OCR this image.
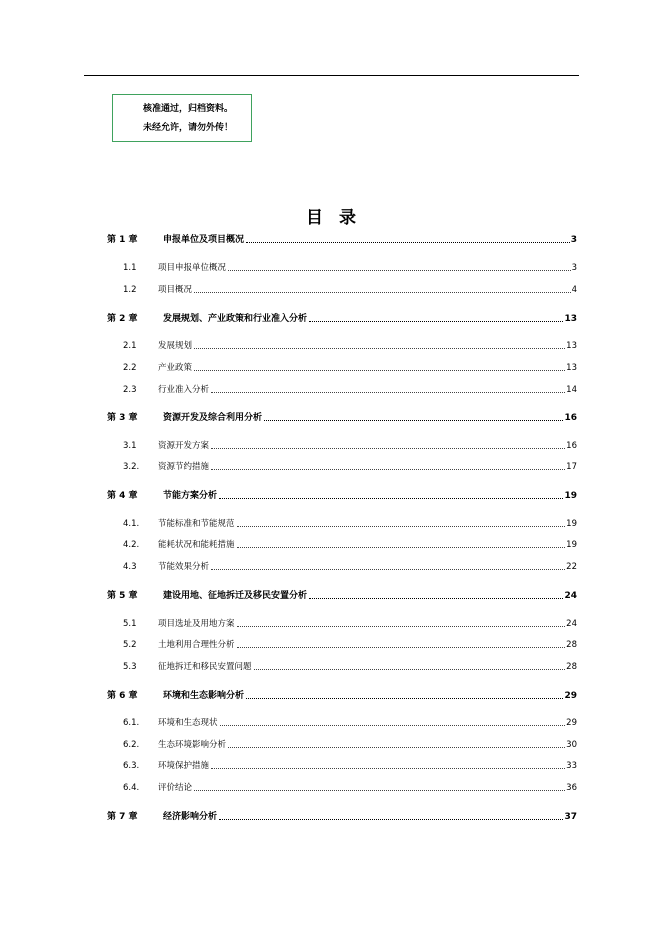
核准通过，归档资料。
未经允许，请勿外传！
目录
第 1 章	申报单位及项目概况	3
1.1	项目申报单位概况	3
1.2	项目概况	4
第 2 章	发展规划、产业政策和行业准入分析	13
2.1	发展规划	13
2.2	产业政策	13
2.3	行业准入分析	14
第 3 章	资源开发及综合利用分析	16
3.1	资源开发方案	16
3.2.	资源节约措施	17
第 4 章	节能方案分析	19
4.1.	节能标准和节能规范	19
4.2.	能耗状况和能耗措施	19
4.3	节能效果分析	22
第 5 章	建设用地、征地拆迁及移民安置分析	24
5.1	项目选址及用地方案	24
5.2	土地利用合理性分析	28
5.3	征地拆迁和移民安置问题	28
第 6 章	环境和生态影响分析	29
6.1.	环境和生态现状	29
6.2.	生态环境影响分析	30
6.3.	环境保护措施	33
6.4.	评价结论	36
第 7 章	经济影响分析	37
